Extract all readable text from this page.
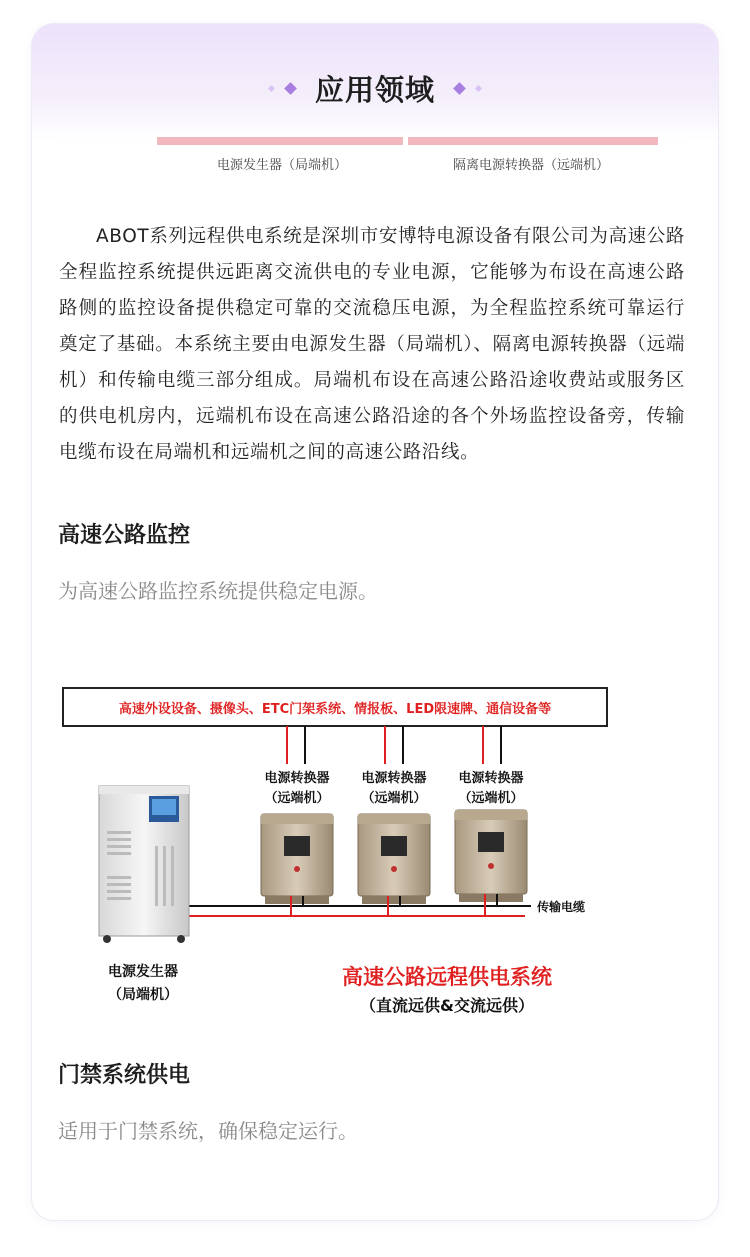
应用领域
电源发生器（局端机）	隔离电源转换器（远端机）
ABOT系列远程供电系统是深圳市安博特电源设备有限公司为高速公路全程监控系统提供远距离交流供电的专业电源，它能够为布设在高速公路路侧的监控设备提供稳定可靠的交流稳压电源，为全程监控系统可靠运行奠定了基础。本系统主要由电源发生器（局端机）、隔离电源转换器（远端机）和传输电缆三部分组成。局端机布设在高速公路沿途收费站或服务区的供电机房内，远端机布设在高速公路沿途的各个外场监控设备旁，传输电缆布设在局端机和远端机之间的高速公路沿线。
高速公路监控
为高速公路监控系统提供稳定电源。
高速外设设备、摄像头、ETC门架系统、情报板、LED限速牌、通信设备等
电源转换器
（远端机）
电源转换器
（远端机）
电源转换器
（远端机）
传输电缆
电源发生器
（局端机）
高速公路远程供电系统
（直流远供&交流远供）
门禁系统供电
适用于门禁系统，确保稳定运行。
